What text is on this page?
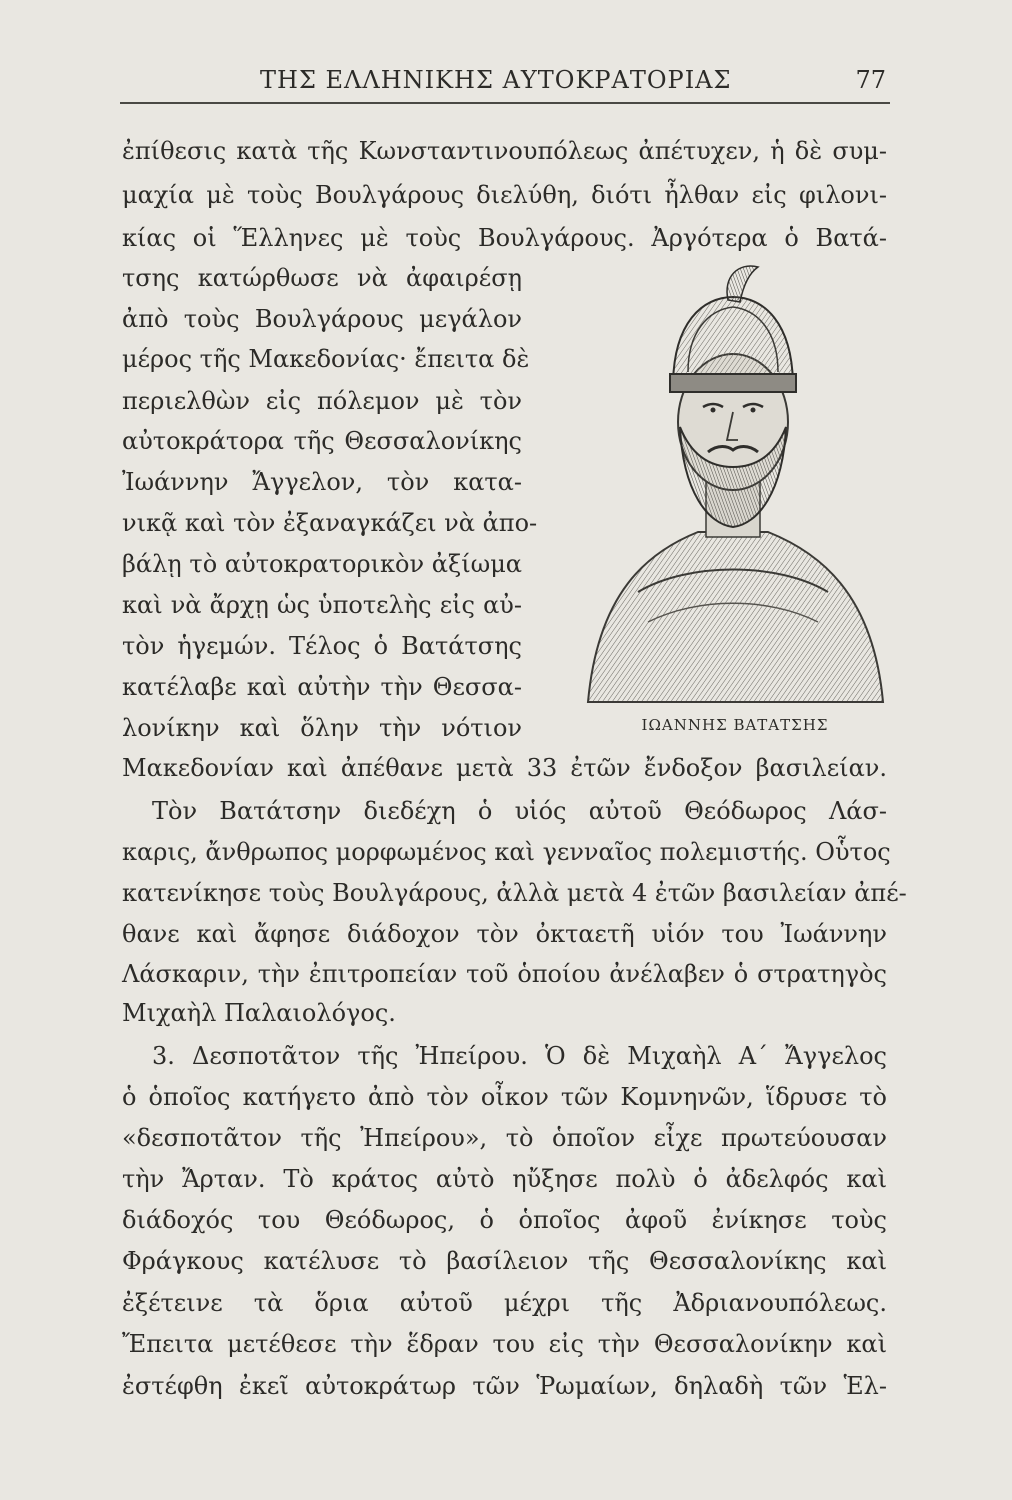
ΤΗΣ ΕΛΛΗΝΙΚΗΣ ΑΥΤΟΚΡΑΤΟΡΙΑΣ	77
ἐπίθεσις κατὰ τῆς Κωνσταντινουπόλεως ἀπέτυχεν, ἡ δὲ συμ-
μαχία μὲ τοὺς Βουλγάρους διελύθη, διότι ἦλθαν εἰς φιλονι-
κίας οἱ Ἕλληνες μὲ τοὺς Βουλγάρους. Ἀργότερα ὁ Βατά-
τσης κατώρθωσε νὰ ἀφαιρέσῃ
ἀπὸ τοὺς Βουλγάρους μεγάλον
μέρος τῆς Μακεδονίας· ἔπειτα δὲ
περιελθὼν εἰς πόλεμον μὲ τὸν
αὐτοκράτορα τῆς Θεσσαλονίκης
Ἰωάννην Ἄγγελον, τὸν κατα-
νικᾷ καὶ τὸν ἐξαναγκάζει νὰ ἀπο-
βάλῃ τὸ αὐτοκρατορικὸν ἀξίωμα
καὶ νὰ ἄρχῃ ὡς ὑποτελὴς εἰς αὐ-
τὸν ἡγεμών. Τέλος ὁ Βατάτσης
κατέλαβε καὶ αὐτὴν τὴν Θεσσα-
λονίκην καὶ ὅλην τὴν νότιον	ΙΩΑΝΝΗΣ ΒΑΤΑΤΣΗΣ
Μακεδονίαν καὶ ἀπέθανε μετὰ 33 ἐτῶν ἔνδοξον βασιλείαν.
Τὸν Βατάτσην διεδέχη ὁ υἱός αὐτοῦ Θεόδωρος Λάσ-
καρις, ἄνθρωπος μορφωμένος καὶ γενναῖος πολεμιστής. Οὗτος
κατενίκησε τοὺς Βουλγάρους, ἀλλὰ μετὰ 4 ἐτῶν βασιλείαν ἀπέ-
θανε καὶ ἄφησε διάδοχον τὸν ὀκταετῆ υἱόν του Ἰωάννην
Λάσκαριν, τὴν ἐπιτροπείαν τοῦ ὁποίου ἀνέλαβεν ὁ στρατηγὸς
Μιχαὴλ Παλαιολόγος.
3. Δεσποτᾶτον τῆς Ἠπείρου. Ὁ δὲ Μιχαὴλ Α΄ Ἄγγελος
ὁ ὁποῖος κατήγετο ἀπὸ τὸν οἶκον τῶν Κομνηνῶν, ἵδρυσε τὸ
«δεσποτᾶτον τῆς Ἠπείρου», τὸ ὁποῖον εἶχε πρωτεύουσαν
τὴν Ἄρταν. Τὸ κράτος αὐτὸ ηὔξησε πολὺ ὁ ἀδελφός καὶ
διάδοχός του Θεόδωρος, ὁ ὁποῖος ἀφοῦ ἐνίκησε τοὺς
Φράγκους κατέλυσε τὸ βασίλειον τῆς Θεσσαλονίκης καὶ
ἐξέτεινε τὰ ὅρια αὐτοῦ μέχρι τῆς Ἀδριανουπόλεως.
Ἔπειτα μετέθεσε τὴν ἕδραν του εἰς τὴν Θεσσαλονίκην καὶ
ἐστέφθη ἐκεῖ αὐτοκράτωρ τῶν Ῥωμαίων, δηλαδὴ τῶν Ἑλ-
